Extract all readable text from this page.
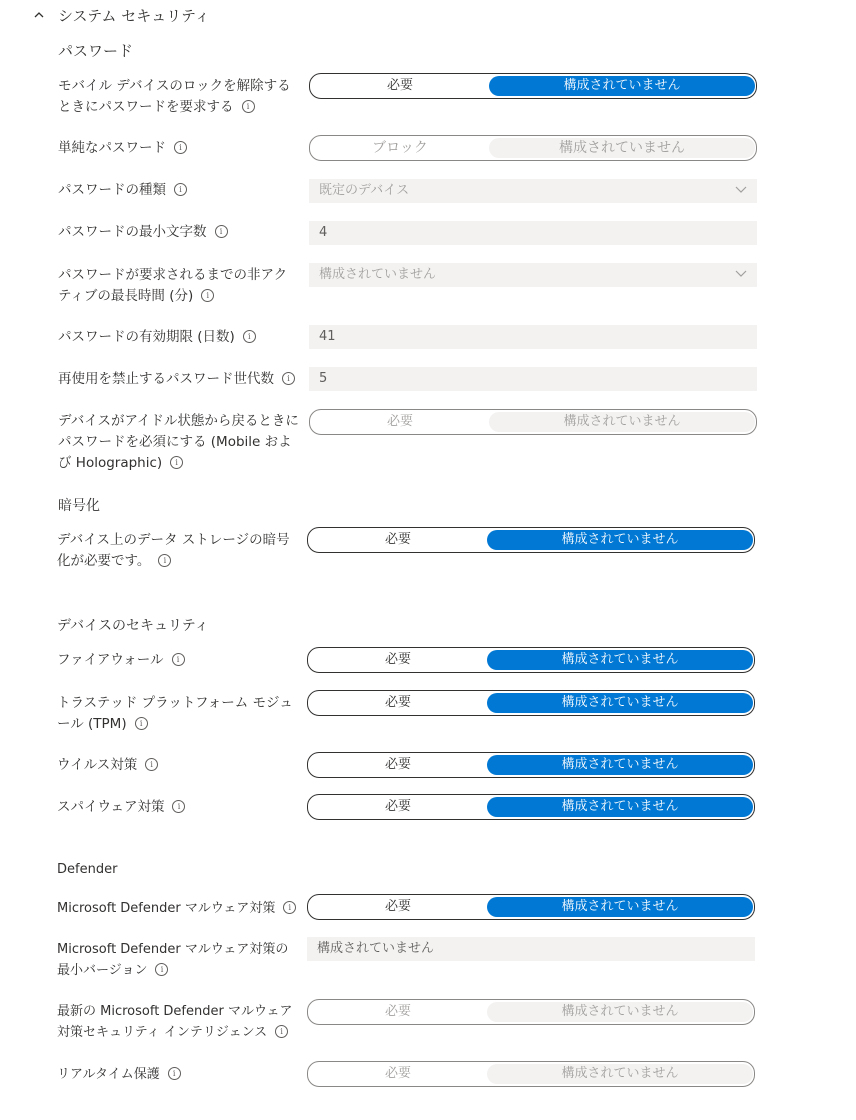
システム セキュリティ
パスワード
モバイル デバイスのロックを解除するときにパスワードを要求する i
必要	構成されていません
単純なパスワード i	ブロック	構成されていません
パスワードの種類 i	既定のデバイス
パスワードの最小文字数 i	4
パスワードが要求されるまでの非アクティブの最長時間 (分) i
構成されていません
パスワードの有効期限 (日数) i	41
再使用を禁止するパスワード世代数 i	5
デバイスがアイドル状態から戻るときにパスワードを必須にする (Mobile および Holographic) i
必要	構成されていません
暗号化
デバイス上のデータ ストレージの暗号化が必要です。 i
必要	構成されていません
デバイスのセキュリティ
ファイアウォール i	必要	構成されていません
トラステッド プラットフォーム モジュール (TPM) i
必要	構成されていません
ウイルス対策 i	必要	構成されていません
スパイウェア対策 i	必要	構成されていません
Defender
Microsoft Defender マルウェア対策 i	必要	構成されていません
Microsoft Defender マルウェア対策の最小バージョン i
構成されていません
最新の Microsoft Defender マルウェア対策セキュリティ インテリジェンス i
必要	構成されていません
リアルタイム保護 i	必要	構成されていません
